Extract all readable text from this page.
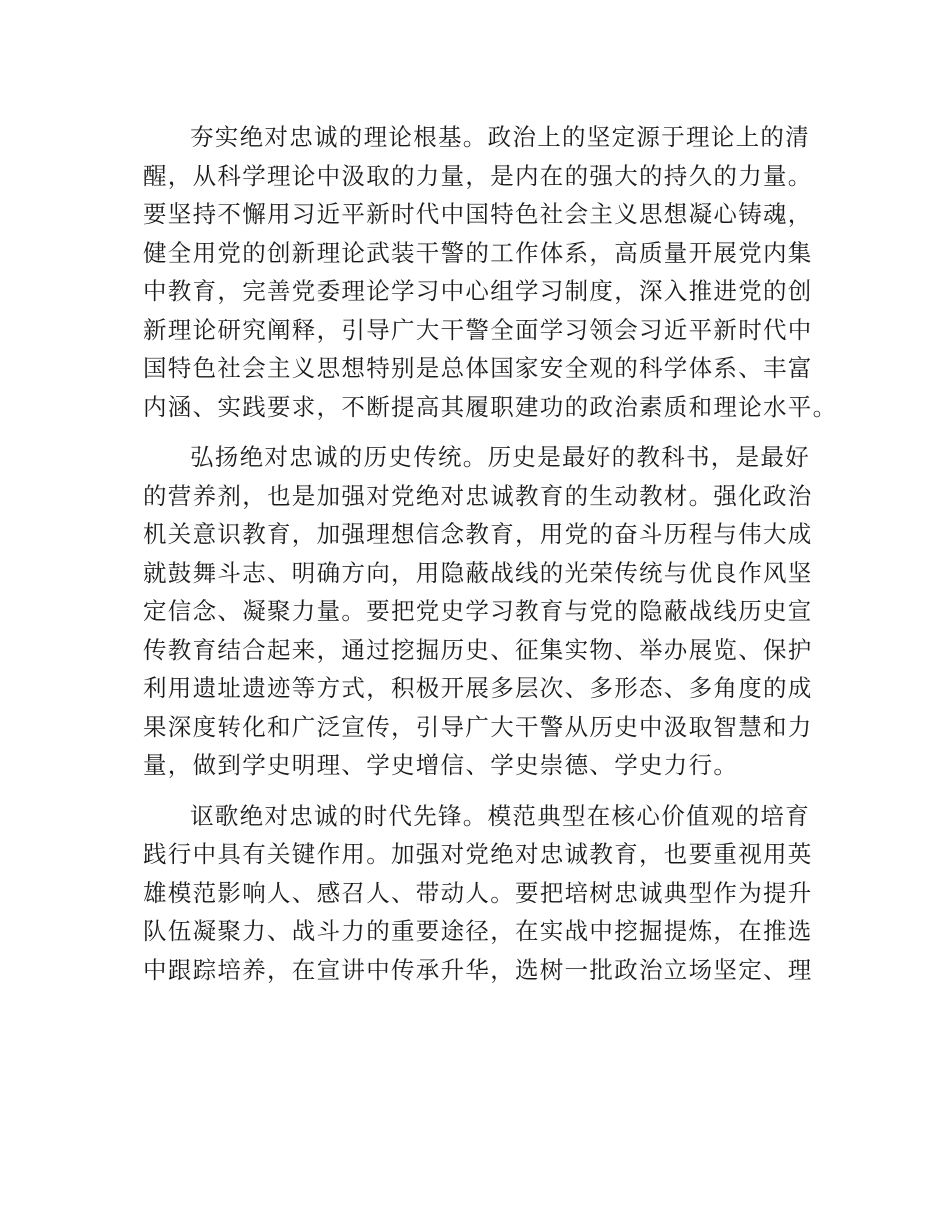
夯实绝对忠诚的理论根基。政治上的坚定源于理论上的清
醒，从科学理论中汲取的力量，是内在的强大的持久的力量。
要坚持不懈用习近平新时代中国特色社会主义思想凝心铸魂，
健全用党的创新理论武装干警的工作体系，高质量开展党内集
中教育，完善党委理论学习中心组学习制度，深入推进党的创
新理论研究阐释，引导广大干警全面学习领会习近平新时代中
国特色社会主义思想特别是总体国家安全观的科学体系、丰富
内涵、实践要求，不断提高其履职建功的政治素质和理论水平。
弘扬绝对忠诚的历史传统。历史是最好的教科书，是最好
的营养剂，也是加强对党绝对忠诚教育的生动教材。强化政治
机关意识教育，加强理想信念教育，用党的奋斗历程与伟大成
就鼓舞斗志、明确方向，用隐蔽战线的光荣传统与优良作风坚
定信念、凝聚力量。要把党史学习教育与党的隐蔽战线历史宣
传教育结合起来，通过挖掘历史、征集实物、举办展览、保护
利用遗址遗迹等方式，积极开展多层次、多形态、多角度的成
果深度转化和广泛宣传，引导广大干警从历史中汲取智慧和力
量，做到学史明理、学史增信、学史崇德、学史力行。
讴歌绝对忠诚的时代先锋。模范典型在核心价值观的培育
践行中具有关键作用。加强对党绝对忠诚教育，也要重视用英
雄模范影响人、感召人、带动人。要把培树忠诚典型作为提升
队伍凝聚力、战斗力的重要途径，在实战中挖掘提炼，在推选
中跟踪培养，在宣讲中传承升华，选树一批政治立场坚定、理
